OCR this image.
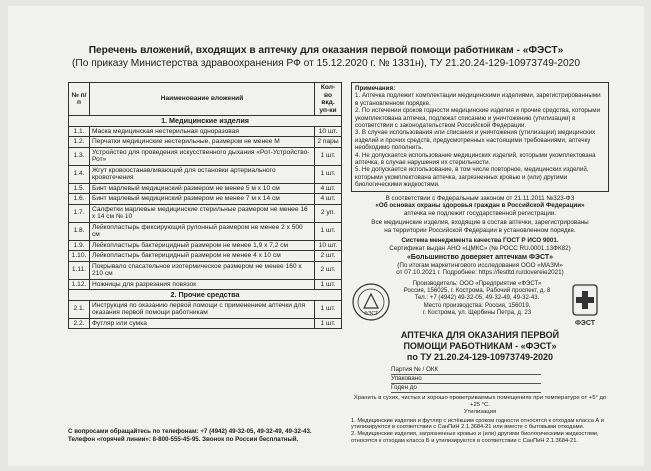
Перечень вложений, входящих в аптечку для оказания первой помощи работникам - «ФЭСТ»
(По приказу Министерства здравоохранения РФ от 15.12.2020 г. № 1331н), ТУ 21.20.24-129-10973749-2020
№ п/п	Наименование вложений	Кол-во вкд. уп-ки
1. Медицинские изделия		
1.1.	Маска медицинская нестерильная одноразовая	10 шт.
1.2.	Перчатки медицинские нестерильные, размером не менее М	2 пары
1.3.	Устройство для проведения искусственного дыхания «Рот-Устройство-Рот»	1 шт.
1.4.	Жгут кровоостанавливающий для остановки артериального кровотечения	1 шт.
1.5.	Бинт марлевый медицинский размером не менее 5 м х 10 см	4 шт.
1.6.	Бинт марлевый медицинский размером не менее 7 м х 14 см	4 шт.
1.7.	Салфетки марлевые медицинские стерильные размером не менее 16 х 14 см № 10	2 уп.
1.8.	Лейкопластырь фиксирующий рулонный размером не менее 2 х 500 см	1 шт.
1.9.	Лейкопластырь бактерицидный размером не менее 1,9 х 7,2 см	10 шт.
1.10.	Лейкопластырь бактерицидный размером не менее 4 х 10 см	2 шт.
1.11.	Покрывало спасательное изотермическое размером не менее 160 х 210 см	2 шт.
1.12.	Ножницы для разрезания повязок	1 шт.
2. Прочие средства		
2.1.	Инструкция по оказанию первой помощи с применением аптечки для оказания первой помощи работникам	1 шт.
2.2.	Футляр или сумка	1 шт.
С вопросами обращайтесь по телефонам: +7 (4942) 49-32-05, 49-32-49, 49-32-43.
Телефон «горячей линии»: 8-800-555-45-95. Звонок по России бесплатный.
Примечания:
1. Аптечка подлежит комплектации медицинскими изделиями, зарегистрированными в установленном порядке.
2. По истечении сроков годности медицинские изделия и прочие средства, которыми укомплектована аптечка, подлежат списанию и уничтожению (утилизации) в соответствии с законодательством Российской Федерации.
3. В случае использования или списания и уничтожения (утилизации) медицинских изделий и прочих средств, предусмотренных настоящими требованиями, аптечку необходимо пополнить.
4. Не допускается использование медицинских изделий, которыми укомплектована аптечка, в случае нарушения их стерильности.
5. Не допускается использование, в том числе повторное, медицинских изделий, которыми укомплектована аптечка, загрязненных кровью и (или) другими биологическими жидкостями.
В соответствии с Федеральным законом от 21.11.2011 №323-ФЗ
«Об основах охраны здоровья граждан в Российской Федерации»
аптечка не подлежит государственной регистрации.
Все медицинские изделия, входящие в состав аптечки, зарегистрированы
на территории Российской Федерации в установленном порядке.
Система менеджмента качества ГОСТ Р ИСО 9001.
Сертификат выдан АНО «ЦМКС» (№ РОСС RU.0001.13ФК82)
«Большинство доверяет аптечкам ФЭСТ»
(По итогам маркетингового исследования ООО «МАЗМ»
от 07.10.2021 г. Подробнее: https://festltd.ru/dovereie2021)
ФЭСТ
Производитель: ООО «Предприятие «ФЭСТ»
Россия, 156025, г. Кострома, Рабочий проспект, д. 8
Тел.: +7 (4942) 49-32-05, 49-32-49, 49-32-43.
Место производства: Россия, 156019,
г. Кострома, ул. Щербины Петра, д. 23
ФЭСТ
АПТЕЧКА ДЛЯ ОКАЗАНИЯ ПЕРВОЙ
ПОМОЩИ РАБОТНИКАМ - «ФЭСТ»
по ТУ 21.20.24-129-10973749-2020
Партия № / ОКК
Упаковано
Годен до
Хранить в сухих, чистых и хорошо проветриваемых помещениях при температуре от +5° до +25 °С.
Утилизация
1. Медицинские изделия и футляр с истёкшим сроком годности относятся к отходам класса А и утилизируются в соответствии с СанПиН 2.1.3684-21 или вместе с бытовыми отходами.
2. Медицинские изделия, загрязненные кровью и (или) другими биологическими жидкостями, относятся к отходам класса Б и утилизируются в соответствии с СанПиН 2.1.3684-21.
